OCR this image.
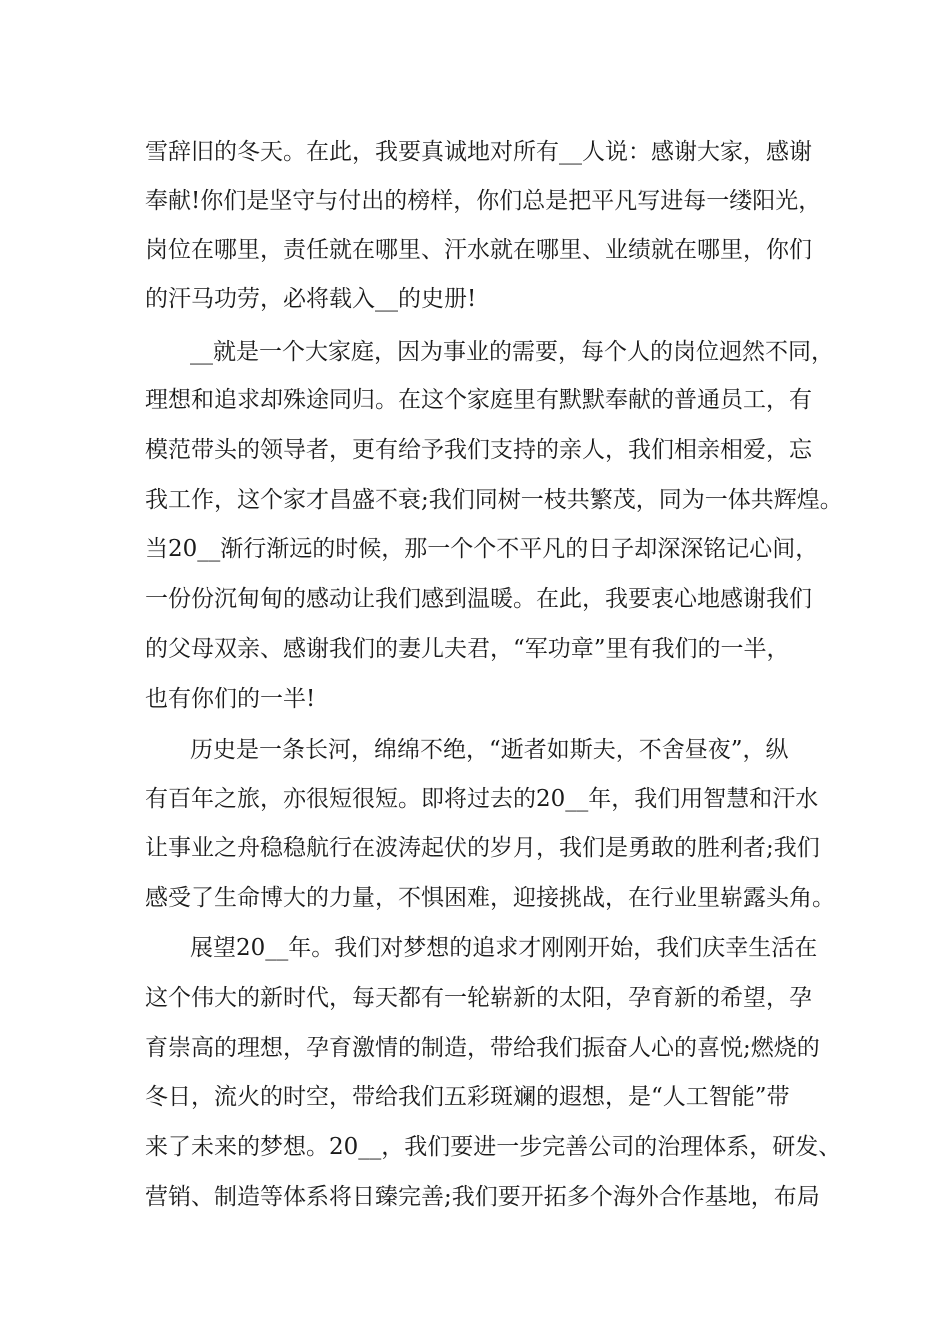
雪辞旧的冬天。在此，我要真诚地对所有__人说：感谢大家，感谢
奉献!你们是坚守与付出的榜样，你们总是把平凡写进每一缕阳光，
岗位在哪里，责任就在哪里、汗水就在哪里、业绩就在哪里，你们
的汗马功劳，必将载入__的史册!
__就是一个大家庭，因为事业的需要，每个人的岗位迥然不同，
理想和追求却殊途同归。在这个家庭里有默默奉献的普通员工，有
模范带头的领导者，更有给予我们支持的亲人，我们相亲相爱，忘
我工作，这个家才昌盛不衰;我们同树一枝共繁茂，同为一体共辉煌。
当20__渐行渐远的时候，那一个个不平凡的日子却深深铭记心间，
一份份沉甸甸的感动让我们感到温暖。在此，我要衷心地感谢我们
的父母双亲、感谢我们的妻儿夫君，“军功章”里有我们的一半，
也有你们的一半!
历史是一条长河，绵绵不绝，“逝者如斯夫，不舍昼夜”，纵
有百年之旅，亦很短很短。即将过去的20__年，我们用智慧和汗水
让事业之舟稳稳航行在波涛起伏的岁月，我们是勇敢的胜利者;我们
感受了生命博大的力量，不惧困难，迎接挑战，在行业里崭露头角。
展望20__年。我们对梦想的追求才刚刚开始，我们庆幸生活在
这个伟大的新时代，每天都有一轮崭新的太阳，孕育新的希望，孕
育崇高的理想，孕育激情的制造，带给我们振奋人心的喜悦;燃烧的
冬日，流火的时空，带给我们五彩斑斓的遐想，是“人工智能”带
来了未来的梦想。20__，我们要进一步完善公司的治理体系，研发、
营销、制造等体系将日臻完善;我们要开拓多个海外合作基地，布局
